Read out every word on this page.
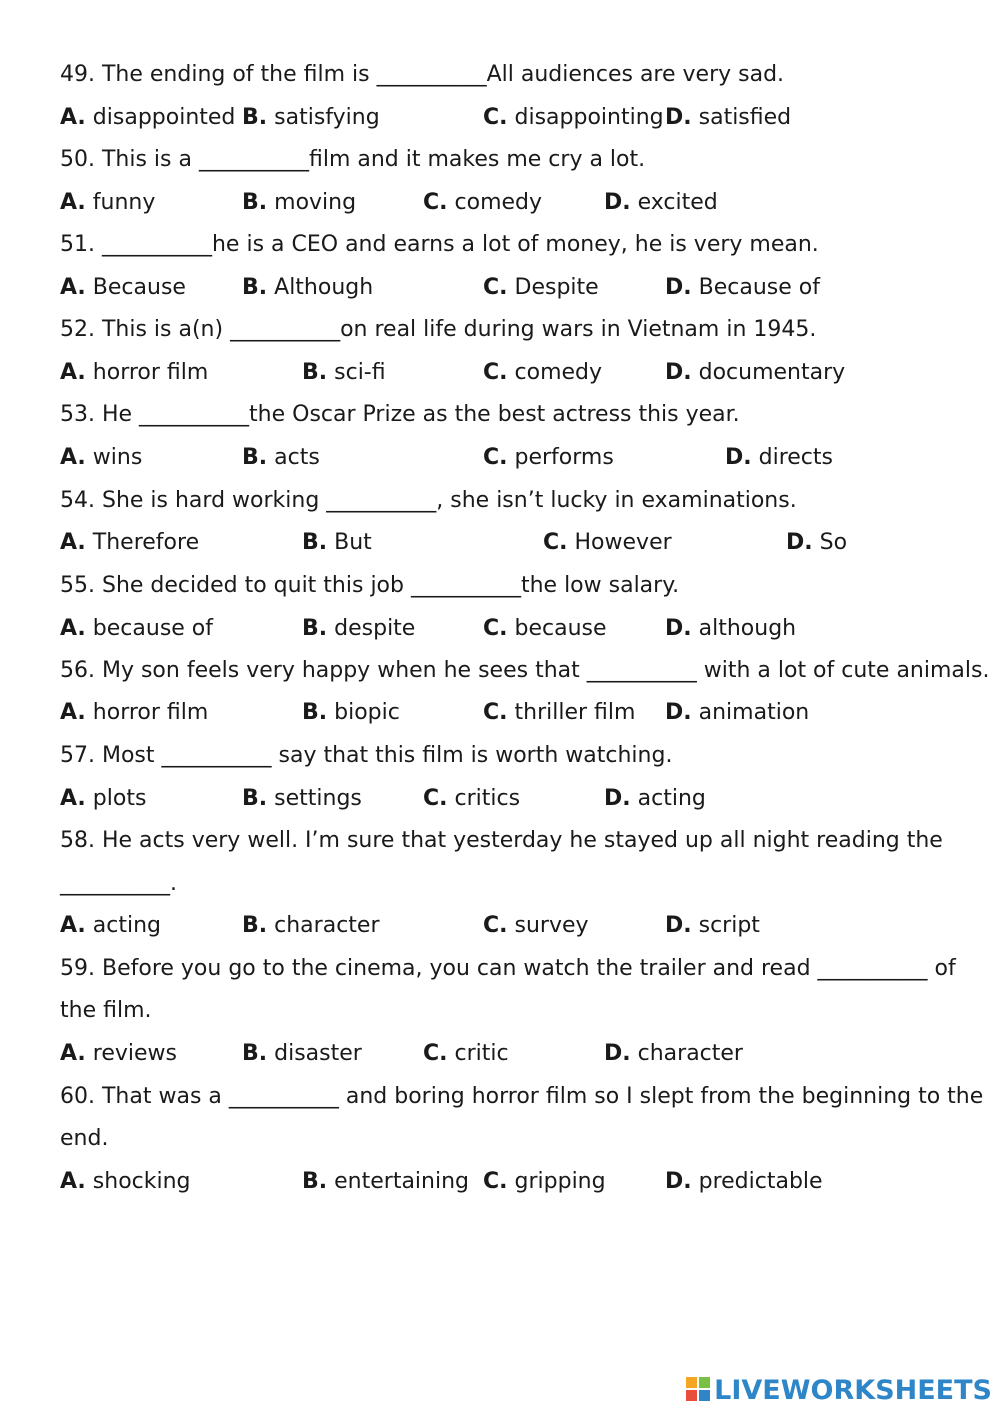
49. The ending of the film is __________All audiences are very sad.
A. disappointed B. satisfying	C. disappointing D. satisfied
50. This is a __________film and it makes me cry a lot.
A. funny	B. moving	C. comedy	D. excited
51. __________he is a CEO and earns a lot of money, he is very mean.
A. Because	B. Although	C. Despite	D. Because of
52. This is a(n) __________on real life during wars in Vietnam in 1945.
A. horror film	B. sci-fi	C. comedy	D. documentary
53. He __________the Oscar Prize as the best actress this year.
A. wins	B. acts	C. performs	D. directs
54. She is hard working __________, she isn’t lucky in examinations.
A. Therefore	B. But	C. However	D. So
55. She decided to quit this job __________the low salary.
A. because of	B. despite	C. because	D. although
56. My son feels very happy when he sees that __________ with a lot of cute animals.
A. horror film	B. biopic	C. thriller film D. animation
57. Most __________ say that this film is worth watching.
A. plots	B. settings	C. critics	D. acting
58. He acts very well. I’m sure that yesterday he stayed up all night reading the
__________.
A. acting	B. character	C. survey	D. script
59. Before you go to the cinema, you can watch the trailer and read __________ of
the film.
A. reviews	B. disaster	C. critic	D. character
60. That was a __________ and boring horror film so I slept from the beginning to the
end.
A. shocking	B. entertaining C. gripping	D. predictable
LIVEWORKSHEETS
